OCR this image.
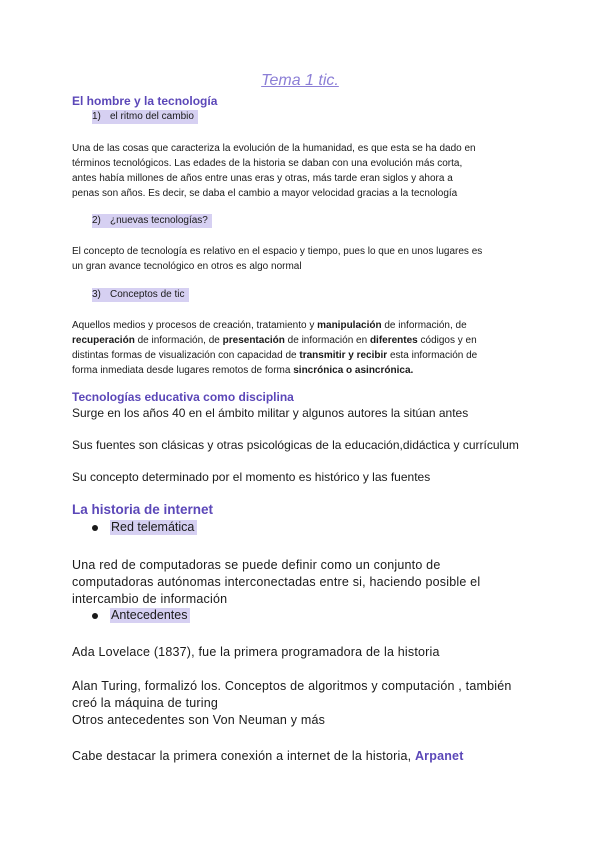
Tema 1 tic.
El hombre y la tecnología
1) el ritmo del cambio
Una de las cosas que caracteriza la evolución de la humanidad, es que esta se ha dado en
términos tecnológicos. Las edades de la historia se daban con una evolución más corta,
antes había millones de años entre unas eras y otras, más tarde eran siglos y ahora a
penas son años. Es decir, se daba el cambio a mayor velocidad gracias a la tecnología
2) ¿nuevas tecnologías?
El concepto de tecnología es relativo en el espacio y tiempo, pues lo que en unos lugares es
un gran avance tecnológico en otros es algo normal
3) Conceptos de tic
Aquellos medios y procesos de creación, tratamiento y manipulación de información, de
recuperación de información, de presentación de información en diferentes códigos y en
distintas formas de visualización con capacidad de transmitir y recibir esta información de
forma inmediata desde lugares remotos de forma sincrónica o asincrónica.
Tecnologías educativa como disciplina
Surge en los años 40 en el ámbito militar y algunos autores la sitúan antes
Sus fuentes son clásicas y otras psicológicas de la educación,didáctica y currículum
Su concepto determinado por el momento es histórico y las fuentes
La historia de internet
Red telemática
Una red de computadoras se puede definir como un conjunto de
computadoras autónomas interconectadas entre si, haciendo posible el
intercambio de información
Antecedentes
Ada Lovelace (1837), fue la primera programadora de la historia
Alan Turing, formalizó los. Conceptos de algoritmos y computación , también
creó la máquina de turing
Otros antecedentes son Von Neuman y más
Cabe destacar la primera conexión a internet de la historia, Arpanet
